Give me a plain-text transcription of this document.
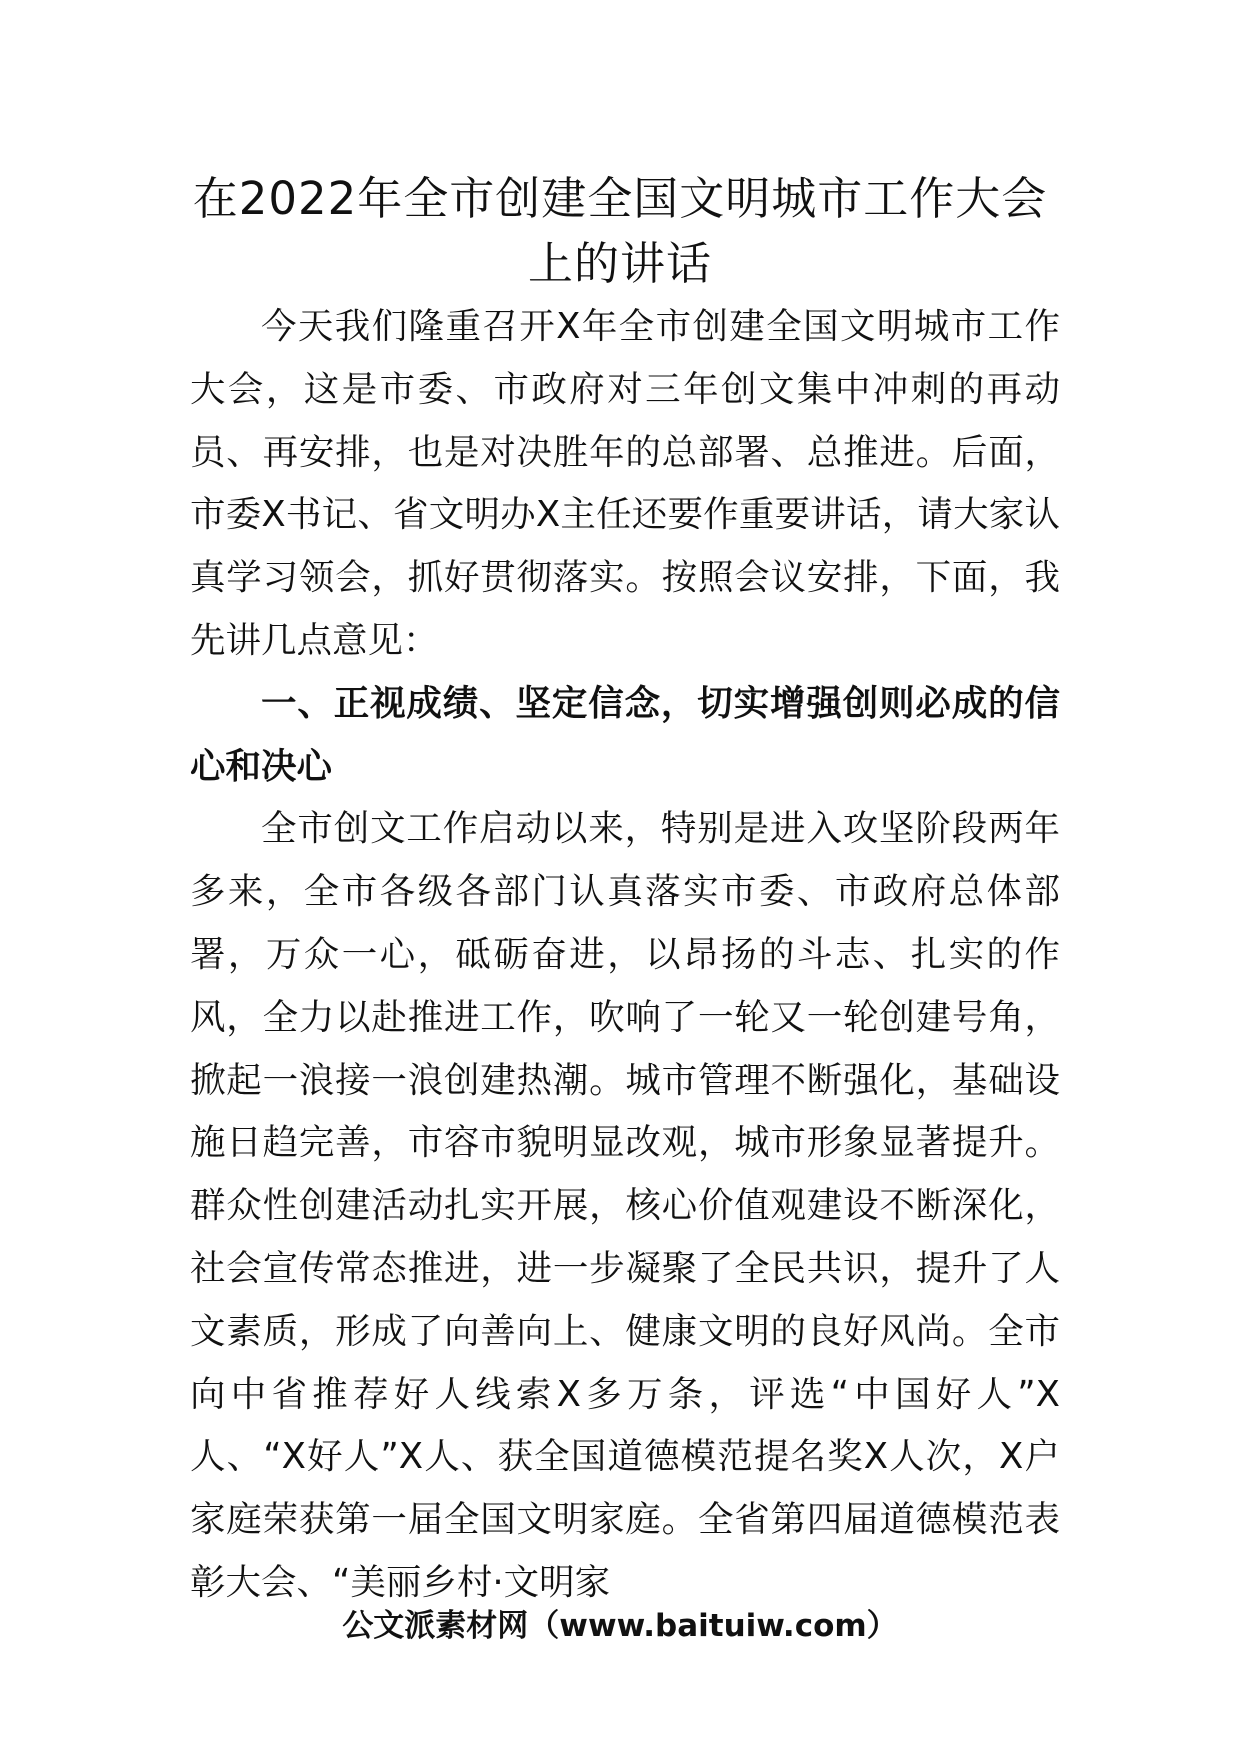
在2022年全市创建全国文明城市工作大会
上的讲话

今天我们隆重召开X年全市创建全国文明城市工作大会，这是市委、市政府对三年创文集中冲刺的再动员、再安排，也是对决胜年的总部署、总推进。后面，市委X书记、省文明办X主任还要作重要讲话，请大家认真学习领会，抓好贯彻落实。按照会议安排，下面，我先讲几点意见：

一、正视成绩、坚定信念，切实增强创则必成的信心和决心

全市创文工作启动以来，特别是进入攻坚阶段两年多来，全市各级各部门认真落实市委、市政府总体部署，万众一心，砥砺奋进，以昂扬的斗志、扎实的作风，全力以赴推进工作，吹响了一轮又一轮创建号角，掀起一浪接一浪创建热潮。城市管理不断强化，基础设施日趋完善，市容市貌明显改观，城市形象显著提升。群众性创建活动扎实开展，核心价值观建设不断深化，社会宣传常态推进，进一步凝聚了全民共识，提升了人文素质，形成了向善向上、健康文明的良好风尚。全市向中省推荐好人线索X多万条，评选“中国好人”X人、“X好人”X人、获全国道德模范提名奖X人次，X户家庭荣获第一届全国文明家庭。全省第四届道德模范表彰大会、“美丽乡村·文明家

公文派素材网（www.baituiw.com）
